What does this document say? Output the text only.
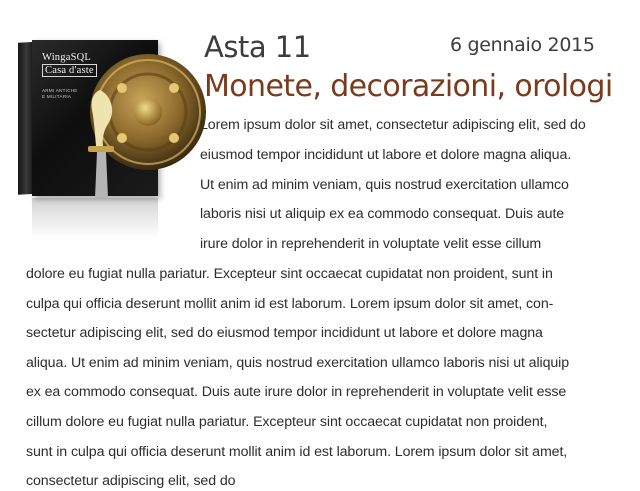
WingaSQL
Casa d'aste
ARMI ANTICHE
E MILITARIA
Asta 11	6 gennaio 2015
Monete, decorazioni, orologi
Lorem ipsum dolor sit amet, consectetur adipiscing elit, sed do
eiusmod tempor incididunt ut labore et dolore magna aliqua.
Ut enim ad minim veniam, quis nostrud exercitation ullamco
laboris nisi ut aliquip ex ea commodo consequat. Duis aute
irure dolor in reprehenderit in voluptate velit esse cillum
dolore eu fugiat nulla pariatur. Excepteur sint occaecat cupidatat non proident, sunt in
culpa qui officia deserunt mollit anim id est laborum. Lorem ipsum dolor sit amet, con-
sectetur adipiscing elit, sed do eiusmod tempor incididunt ut labore et dolore magna
aliqua. Ut enim ad minim veniam, quis nostrud exercitation ullamco laboris nisi ut aliquip
ex ea commodo consequat. Duis aute irure dolor in reprehenderit in voluptate velit esse
cillum dolore eu fugiat nulla pariatur. Excepteur sint occaecat cupidatat non proident,
sunt in culpa qui officia deserunt mollit anim id est laborum. Lorem ipsum dolor sit amet,
consectetur adipiscing elit, sed do
